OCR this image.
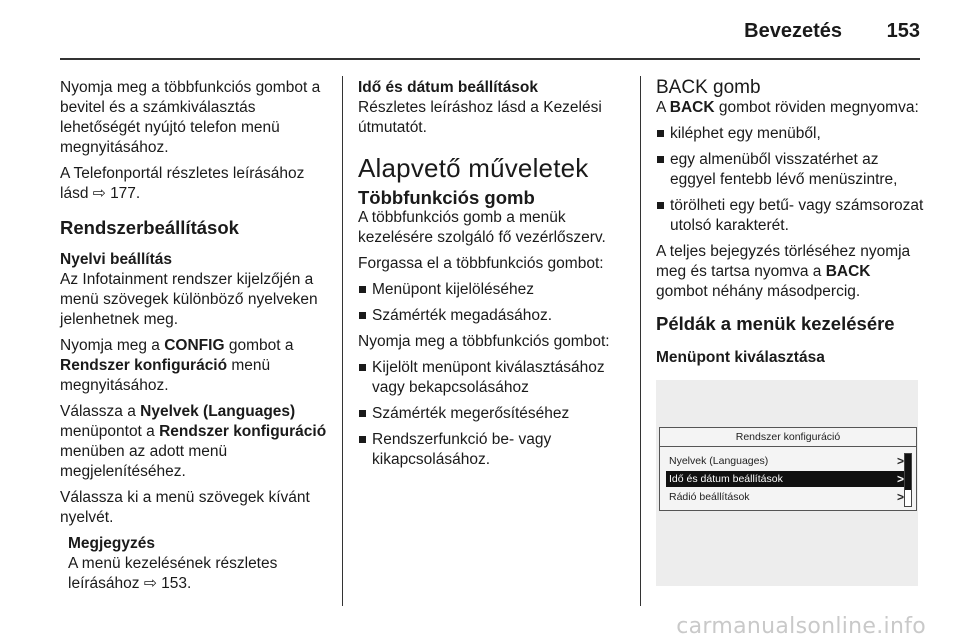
Bevezetés 153

Nyomja meg a többfunkciós gombot a bevitel és a számkiválasztás lehetőségét nyújtó telefon menü megnyitásához.

A Telefonportál részletes leírásához lásd ⇨ 177.

Rendszerbeállítások
Nyelvi beállítás

Az Infotainment rendszer kijelzőjén a menü szövegek különböző nyelveken jelenhetnek meg.

Nyomja meg a CONFIG gombot a Rendszer konfiguráció menü megnyitásához.

Válassza a Nyelvek (Languages) menüpontot a Rendszer konfiguráció menüben az adott menü megjelenítéséhez.

Válassza ki a menü szövegek kívánt nyelvét.

Megjegyzés
A menü kezelésének részletes leírásához ⇨ 153.
Idő és dátum beállítások

Részletes leíráshoz lásd a Kezelési útmutatót.

Alapvető műveletek
Többfunkciós gomb

A többfunkciós gomb a menük kezelésére szolgáló fő vezérlőszerv.

Forgassa el a többfunkciós gombot:

Menüpont kijelöléséhez
Számérték megadásához.

Nyomja meg a többfunkciós gombot:

Kijelölt menüpont kiválasztásához vagy bekapcsolásához
Számérték megerősítéséhez
Rendszerfunkció be- vagy kikapcsolásához.
BACK gomb

A BACK gombot röviden megnyomva:

kiléphet egy menüből,
egy almenüből visszatérhet az eggyel fentebb lévő menüszintre,
törölheti egy betű- vagy számsorozat utolsó karakterét.

A teljes bejegyzés törléséhez nyomja meg és tartsa nyomva a BACK gombot néhány másodpercig.

Példák a menük kezelésére
Menüpont kiválasztása
Rendszer konfiguráció
Nyelvek (Languages)	>
Idő és dátum beállítások	>
Rádió beállítások	>
carmanualsonline.info
